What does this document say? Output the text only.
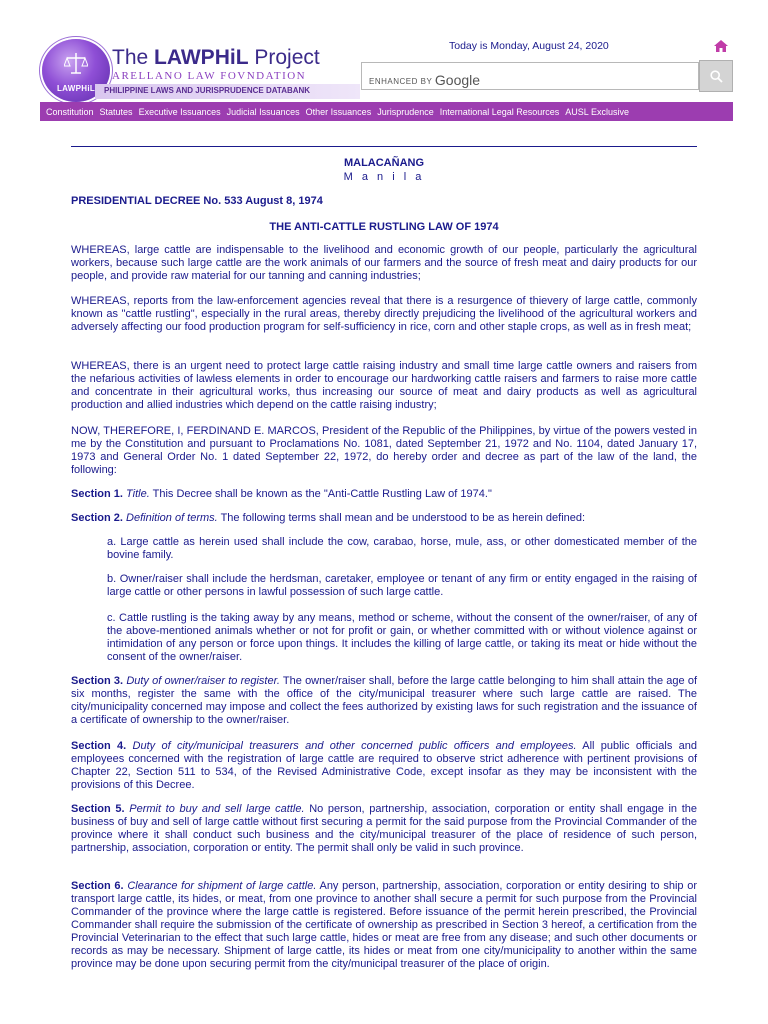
LAWPHiL
The LAWPHiL Project
ARELLANO LAW FOVNDATION
PHILIPPINE LAWS AND JURISPRUDENCE DATABANK
Today is Monday, August 24, 2020
ENHANCED BY Google
Constitution Statutes Executive Issuances Judicial Issuances Other Issuances Jurisprudence International Legal Resources AUSL Exclusive
MALACAÑANG
M a n i l a
PRESIDENTIAL DECREE No. 533 August 8, 1974
THE ANTI-CATTLE RUSTLING LAW OF 1974

WHEREAS, large cattle are indispensable to the livelihood and economic growth of our people, particularly the agricultural workers, because such large cattle are the work animals of our farmers and the source of fresh meat and dairy products for our people, and provide raw material for our tanning and canning industries;

WHEREAS, reports from the law-enforcement agencies reveal that there is a resurgence of thievery of large cattle, commonly known as "cattle rustling", especially in the rural areas, thereby directly prejudicing the livelihood of the agricultural workers and adversely affecting our food production program for self-sufficiency in rice, corn and other staple crops, as well as in fresh meat;

WHEREAS, there is an urgent need to protect large cattle raising industry and small time large cattle owners and raisers from the nefarious activities of lawless elements in order to encourage our hardworking cattle raisers and farmers to raise more cattle and concentrate in their agricultural works, thus increasing our source of meat and dairy products as well as agricultural production and allied industries which depend on the cattle raising industry;

NOW, THEREFORE, I, FERDINAND E. MARCOS, President of the Republic of the Philippines, by virtue of the powers vested in me by the Constitution and pursuant to Proclamations No. 1081, dated September 21, 1972 and No. 1104, dated January 17, 1973 and General Order No. 1 dated September 22, 1972, do hereby order and decree as part of the law of the land, the following:

Section 1. Title. This Decree shall be known as the "Anti-Cattle Rustling Law of 1974."

Section 2. Definition of terms. The following terms shall mean and be understood to be as herein defined:

a. Large cattle as herein used shall include the cow, carabao, horse, mule, ass, or other domesticated member of the bovine family.

b. Owner/raiser shall include the herdsman, caretaker, employee or tenant of any firm or entity engaged in the raising of large cattle or other persons in lawful possession of such large cattle.

c. Cattle rustling is the taking away by any means, method or scheme, without the consent of the owner/raiser, of any of the above-mentioned animals whether or not for profit or gain, or whether committed with or without violence against or intimidation of any person or force upon things. It includes the killing of large cattle, or taking its meat or hide without the consent of the owner/raiser.

Section 3. Duty of owner/raiser to register. The owner/raiser shall, before the large cattle belonging to him shall attain the age of six months, register the same with the office of the city/municipal treasurer where such large cattle are raised. The city/municipality concerned may impose and collect the fees authorized by existing laws for such registration and the issuance of a certificate of ownership to the owner/raiser.

Section 4. Duty of city/municipal treasurers and other concerned public officers and employees. All public officials and employees concerned with the registration of large cattle are required to observe strict adherence with pertinent provisions of Chapter 22, Section 511 to 534, of the Revised Administrative Code, except insofar as they may be inconsistent with the provisions of this Decree.

Section 5. Permit to buy and sell large cattle. No person, partnership, association, corporation or entity shall engage in the business of buy and sell of large cattle without first securing a permit for the said purpose from the Provincial Commander of the province where it shall conduct such business and the city/municipal treasurer of the place of residence of such person, partnership, association, corporation or entity. The permit shall only be valid in such province.

Section 6. Clearance for shipment of large cattle. Any person, partnership, association, corporation or entity desiring to ship or transport large cattle, its hides, or meat, from one province to another shall secure a permit for such purpose from the Provincial Commander of the province where the large cattle is registered. Before issuance of the permit herein prescribed, the Provincial Commander shall require the submission of the certificate of ownership as prescribed in Section 3 hereof, a certification from the Provincial Veterinarian to the effect that such large cattle, hides or meat are free from any disease; and such other documents or records as may be necessary. Shipment of large cattle, its hides or meat from one city/municipality to another within the same province may be done upon securing permit from the city/municipal treasurer of the place of origin.
